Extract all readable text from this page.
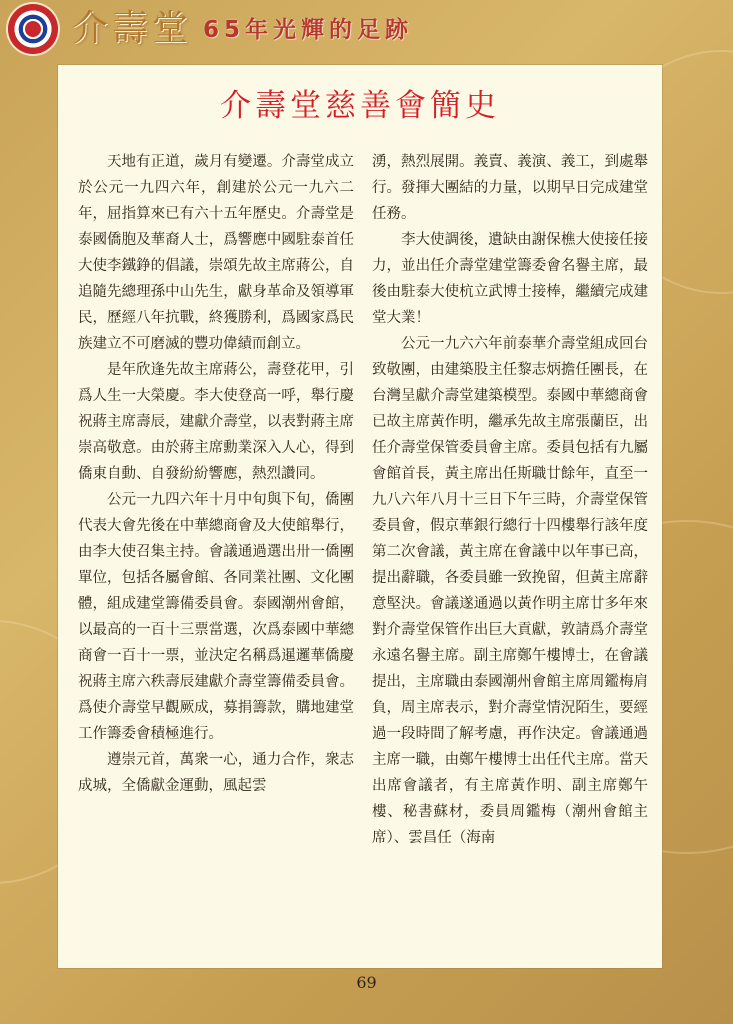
介壽堂 65年光輝的足跡
介壽堂慈善會簡史

天地有正道，歲月有變遷。介壽堂成立於公元一九四六年，創建於公元一九六二年，屈指算來已有六十五年歷史。介壽堂是泰國僑胞及華裔人士，爲響應中國駐泰首任大使李鐵錚的倡議，崇頌先故主席蔣公，自追隨先總理孫中山先生，獻身革命及領導軍民，歷經八年抗戰，終獲勝利，爲國家爲民族建立不可磨滅的豐功偉績而創立。

是年欣逢先故主席蔣公，壽登花甲，引爲人生一大榮慶。李大使登高一呼，舉行慶祝蔣主席壽辰，建獻介壽堂，以表對蔣主席崇高敬意。由於蔣主席勳業深入人心，得到僑東自動、自發紛紛響應，熱烈讚同。

公元一九四六年十月中旬與下旬，僑團代表大會先後在中華總商會及大使館舉行，由李大使召集主持。會議通過選出卅一僑團單位，包括各屬會館、各同業社團、文化團體，組成建堂籌備委員會。泰國潮州會館，以最高的一百十三票當選，次爲泰國中華總商會一百十一票，並決定名稱爲暹邏華僑慶祝蔣主席六秩壽辰建獻介壽堂籌備委員會。爲使介壽堂早觀厥成，募捐籌款，購地建堂工作籌委會積極進行。

遵崇元首，萬衆一心，通力合作，衆志成城，全僑獻金運動，風起雲

湧，熱烈展開。義賣、義演、義工，到處舉行。發揮大團結的力量，以期早日完成建堂任務。

李大使調後，遺缺由謝保樵大使接任接力，並出任介壽堂建堂籌委會名譽主席，最後由駐泰大使杭立武博士接棒，繼續完成建堂大業！

公元一九六六年前泰華介壽堂組成回台致敬團，由建築股主任黎志炳擔任團長，在台灣呈獻介壽堂建築模型。泰國中華總商會已故主席黃作明，繼承先故主席張蘭臣，出任介壽堂保管委員會主席。委員包括有九屬會館首長，黃主席出任斯職廿餘年，直至一九八六年八月十三日下午三時，介壽堂保管委員會，假京華銀行總行十四樓舉行該年度第二次會議，黃主席在會議中以年事已高，提出辭職，各委員雖一致挽留，但黃主席辭意堅決。會議遂通過以黃作明主席廿多年來對介壽堂保管作出巨大貢獻，敦請爲介壽堂永遠名譽主席。副主席鄭午樓博士，在會議提出，主席職由泰國潮州會館主席周鑑梅肩負，周主席表示，對介壽堂情況陌生，要經過一段時間了解考慮，再作決定。會議通過主席一職，由鄭午樓博士出任代主席。當天出席會議者，有主席黃作明、副主席鄭午樓、秘書蘇材，委員周鑑梅（潮州會館主席）、雲昌任（海南

69
